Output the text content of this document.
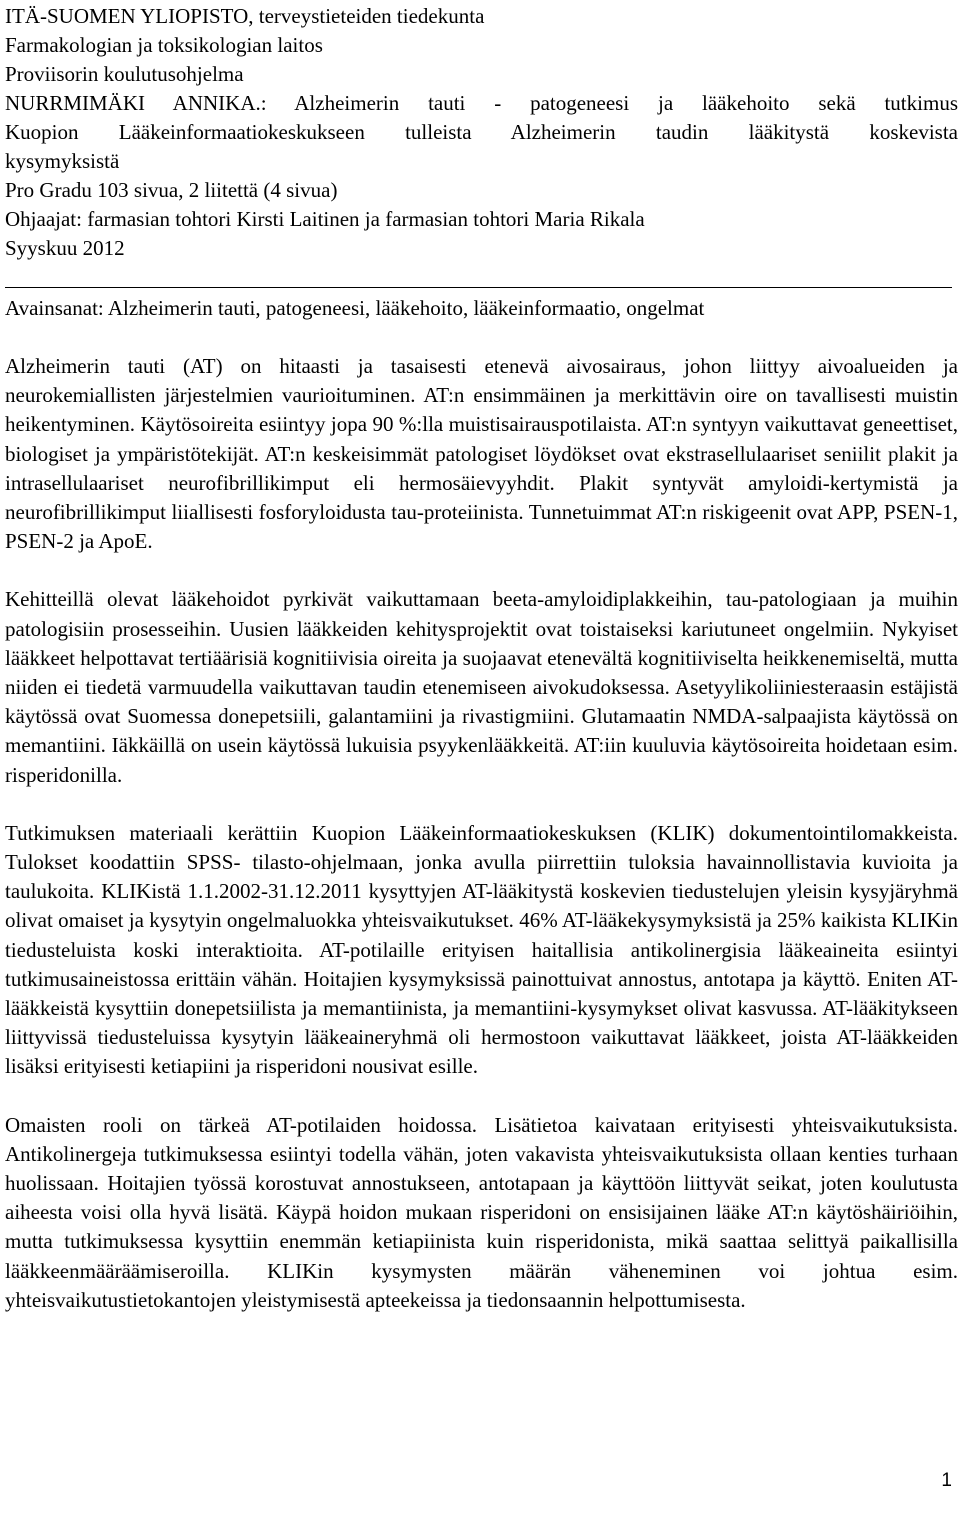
ITÄ-SUOMEN YLIOPISTO, terveystieteiden tiedekunta
Farmakologian ja toksikologian laitos
Proviisorin koulutusohjelma
NURRMIMÄKI ANNIKA.: Alzheimerin tauti - patogeneesi ja lääkehoito sekä tutkimus
Kuopion Lääkeinformaatiokeskukseen tulleista Alzheimerin taudin lääkitystä koskevista
kysymyksistä
Pro Gradu 103 sivua, 2 liitettä (4 sivua)
Ohjaajat: farmasian tohtori Kirsti Laitinen ja farmasian tohtori Maria Rikala
Syyskuu 2012
Avainsanat: Alzheimerin tauti, patogeneesi, lääkehoito, lääkeinformaatio, ongelmat

Alzheimerin tauti (AT) on hitaasti ja tasaisesti etenevä aivosairaus, johon liittyy aivoalueiden ja neurokemiallisten järjestelmien vaurioituminen. AT:n ensimmäinen ja merkittävin oire on tavallisesti muistin heikentyminen. Käytösoireita esiintyy jopa 90 %:lla muistisairauspotilaista. AT:n syntyyn vaikuttavat geneettiset, biologiset ja ympäristötekijät. AT:n keskeisimmät patologiset löydökset ovat ekstrasellulaariset seniilit plakit ja intrasellulaariset neurofibrillikimput eli hermosäievyyhdit. Plakit syntyvät amyloidi-kertymistä ja neurofibrillikimput liiallisesti fosforyloidusta tau-proteiinista. Tunnetuimmat AT:n riskigeenit ovat APP, PSEN-1, PSEN-2 ja ApoE.

Kehitteillä olevat lääkehoidot pyrkivät vaikuttamaan beeta-amyloidiplakkeihin, tau-patologiaan ja muihin patologisiin prosesseihin. Uusien lääkkeiden kehitysprojektit ovat toistaiseksi kariutuneet ongelmiin. Nykyiset lääkkeet helpottavat tertiäärisiä kognitiivisia oireita ja suojaavat etenevältä kognitiiviselta heikkenemiseltä, mutta niiden ei tiedetä varmuudella vaikuttavan taudin etenemiseen aivokudoksessa. Asetyylikoliiniesteraasin estäjistä käytössä ovat Suomessa donepetsiili, galantamiini ja rivastigmiini. Glutamaatin NMDA-salpaajista käytössä on memantiini. Iäkkäillä on usein käytössä lukuisia psyykenlääkkeitä. AT:iin kuuluvia käytösoireita hoidetaan esim. risperidonilla.

Tutkimuksen materiaali kerättiin Kuopion Lääkeinformaatiokeskuksen (KLIK) dokumentointilomakkeista. Tulokset koodattiin SPSS- tilasto-ohjelmaan, jonka avulla piirrettiin tuloksia havainnollistavia kuvioita ja taulukoita. KLIKistä 1.1.2002-31.12.2011 kysyttyjen AT-lääkitystä koskevien tiedustelujen yleisin kysyjäryhmä olivat omaiset ja kysytyin ongelmaluokka yhteisvaikutukset. 46% AT-lääkekysymyksistä ja 25% kaikista KLIKin tiedusteluista koski interaktioita. AT-potilaille erityisen haitallisia antikolinergisia lääkeaineita esiintyi tutkimusaineistossa erittäin vähän. Hoitajien kysymyksissä painottuivat annostus, antotapa ja käyttö. Eniten AT-lääkkeistä kysyttiin donepetsiilista ja memantiinista, ja memantiini-kysymykset olivat kasvussa. AT-lääkitykseen liittyvissä tiedusteluissa kysytyin lääkeaineryhmä oli hermostoon vaikuttavat lääkkeet, joista AT-lääkkeiden lisäksi erityisesti ketiapiini ja risperidoni nousivat esille.

Omaisten rooli on tärkeä AT-potilaiden hoidossa. Lisätietoa kaivataan erityisesti yhteisvaikutuksista. Antikolinergeja tutkimuksessa esiintyi todella vähän, joten vakavista yhteisvaikutuksista ollaan kenties turhaan huolissaan. Hoitajien työssä korostuvat annostukseen, antotapaan ja käyttöön liittyvät seikat, joten koulutusta aiheesta voisi olla hyvä lisätä. Käypä hoidon mukaan risperidoni on ensisijainen lääke AT:n käytöshäiriöihin, mutta tutkimuksessa kysyttiin enemmän ketiapiinista kuin risperidonista, mikä saattaa selittyä paikallisilla lääkkeenmääräämiseroilla. KLIKin kysymysten määrän väheneminen voi johtua esim. yhteisvaikutustietokantojen yleistymisestä apteekeissa ja tiedonsaannin helpottumisesta.

1
